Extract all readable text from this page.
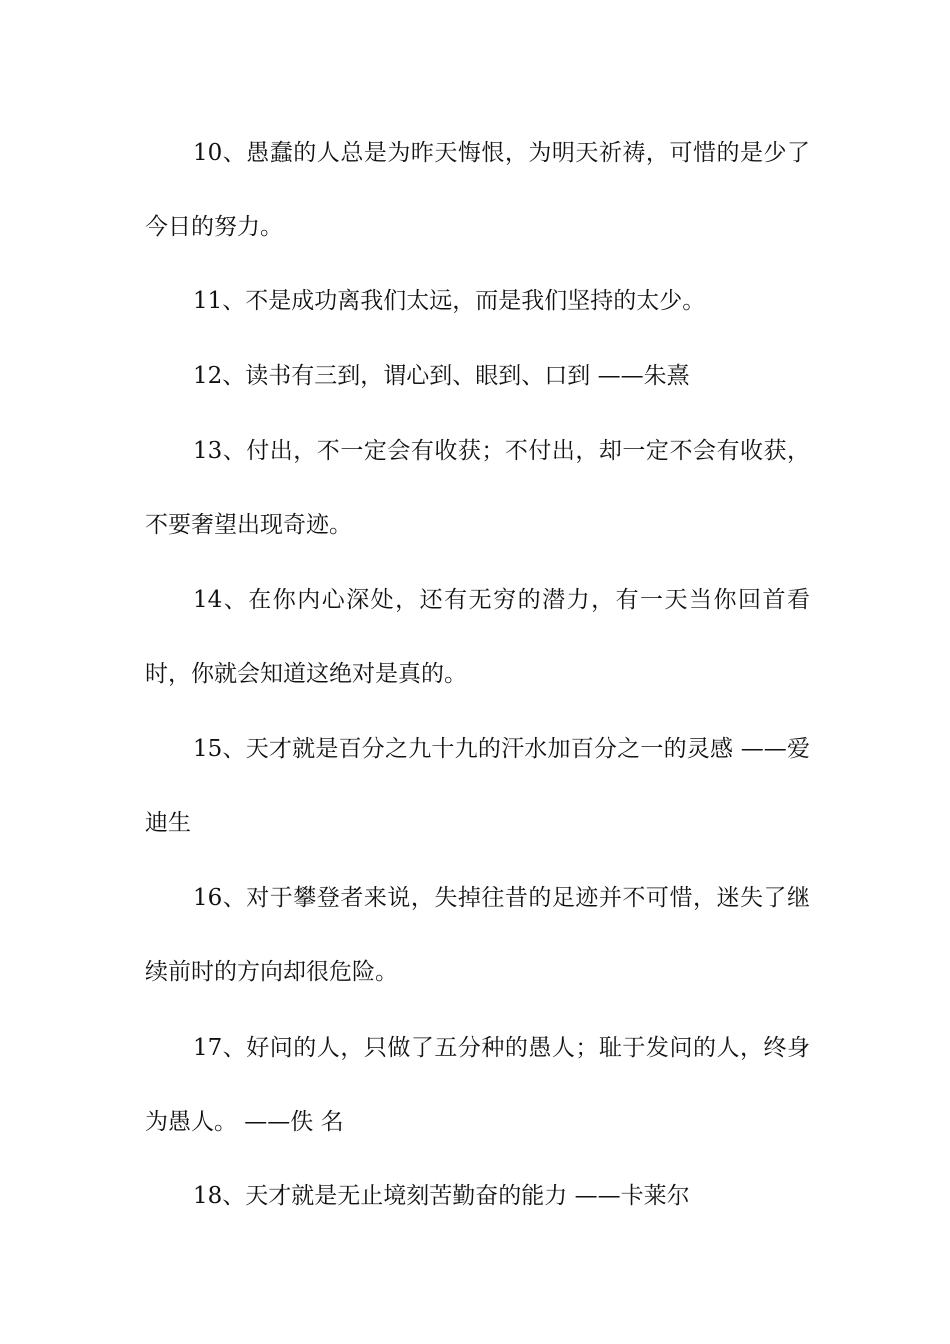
10、愚蠢的人总是为昨天悔恨，为明天祈祷，可惜的是少了今日的努力。

11、不是成功离我们太远，而是我们坚持的太少。

12、读书有三到，谓心到、眼到、口到 ——朱熹

13、付出，不一定会有收获；不付出，却一定不会有收获，不要奢望出现奇迹。

14、在你内心深处，还有无穷的潜力，有一天当你回首看时，你就会知道这绝对是真的。

15、天才就是百分之九十九的汗水加百分之一的灵感 ——爱迪生

16、对于攀登者来说，失掉往昔的足迹并不可惜，迷失了继续前时的方向却很危险。

17、好问的人，只做了五分种的愚人；耻于发问的人，终身为愚人。 ——佚 名

18、天才就是无止境刻苦勤奋的能力 ——卡莱尔
